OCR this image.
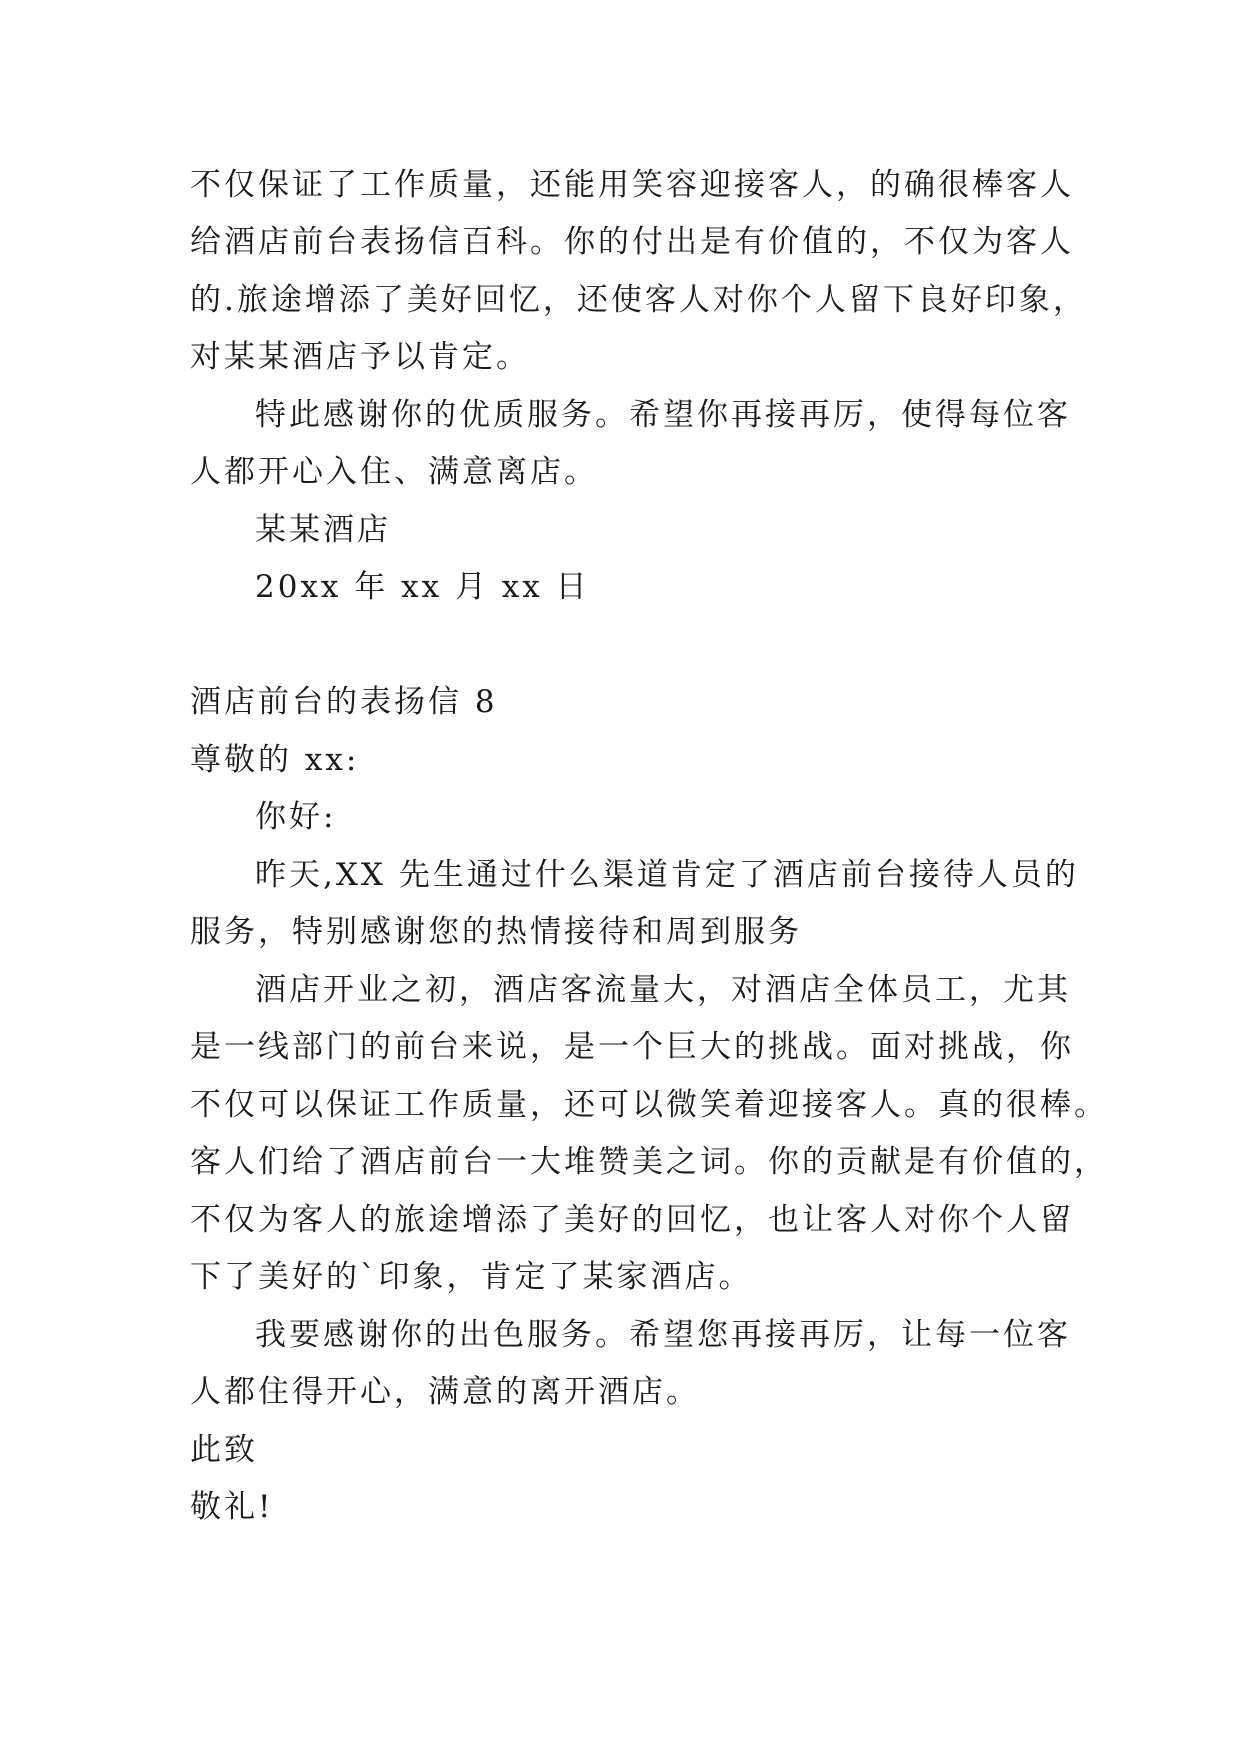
不仅保证了工作质量，还能用笑容迎接客人，的确很棒客人

给酒店前台表扬信百科。你的付出是有价值的，不仅为客人

的.旅途增添了美好回忆，还使客人对你个人留下良好印象，

对某某酒店予以肯定。

特此感谢你的优质服务。希望你再接再厉，使得每位客

人都开心入住、满意离店。

某某酒店

20xx 年 xx 月 xx 日

酒店前台的表扬信 8

尊敬的 xx:

你好:

昨天,XX 先生通过什么渠道肯定了酒店前台接待人员的

服务，特别感谢您的热情接待和周到服务

酒店开业之初，酒店客流量大，对酒店全体员工，尤其

是一线部门的前台来说，是一个巨大的挑战。面对挑战，你

不仅可以保证工作质量，还可以微笑着迎接客人。真的很棒。

客人们给了酒店前台一大堆赞美之词。你的贡献是有价值的，

不仅为客人的旅途增添了美好的回忆，也让客人对你个人留

下了美好的`印象，肯定了某家酒店。

我要感谢你的出色服务。希望您再接再厉，让每一位客

人都住得开心，满意的离开酒店。

此致

敬礼!
